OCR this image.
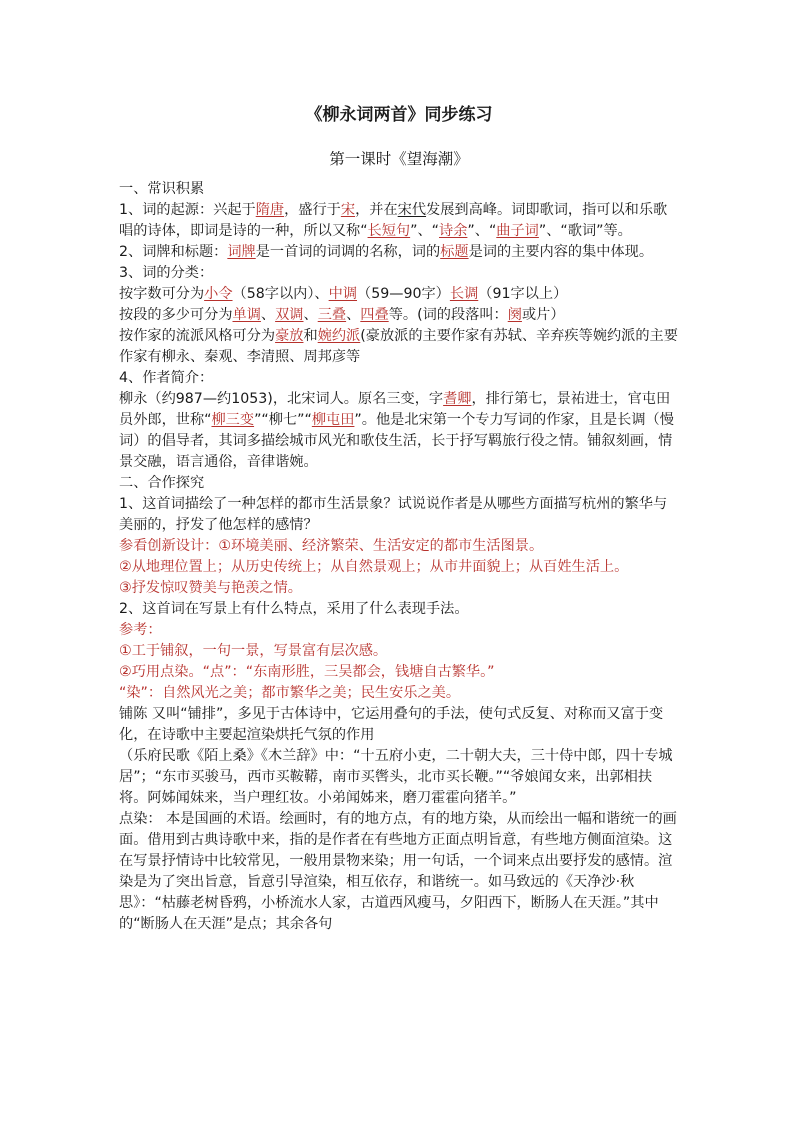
《柳永词两首》同步练习
第一课时《望海潮》

一、常识积累

1、词的起源：兴起于隋唐，盛行于宋，并在宋代发展到高峰。词即歌词，指可以和乐歌唱的诗体，即词是诗的一种，所以又称“长短句”、“诗余”、“曲子词”、“歌词”等。

2、词牌和标题：词牌是一首词的词调的名称，词的标题是词的主要内容的集中体现。

3、词的分类：

按字数可分为小令（58字以内）、中调（59—90字）长调（91字以上）

按段的多少可分为单调、双调、三叠、四叠等。(词的段落叫：阕或片）

按作家的流派风格可分为豪放和婉约派(豪放派的主要作家有苏轼、辛弃疾等婉约派的主要作家有柳永、秦观、李清照、周邦彦等

4、作者简介：

柳永（约987—约1053)，北宋词人。原名三变，字耆卿，排行第七，景祐进士，官屯田员外郎，世称“柳三变”“柳七”“柳屯田”。他是北宋第一个专力写词的作家，且是长调（慢词）的倡导者，其词多描绘城市风光和歌伎生活，长于抒写羁旅行役之情。铺叙刻画，情景交融，语言通俗，音律谐婉。

二、合作探究

1、这首词描绘了一种怎样的都市生活景象？试说说作者是从哪些方面描写杭州的繁华与美丽的，抒发了他怎样的感情？

参看创新设计：①环境美丽、经济繁荣、生活安定的都市生活图景。

②从地理位置上；从历史传统上；从自然景观上；从市井面貌上；从百姓生活上。

③抒发惊叹赞美与艳羡之情。

2、这首词在写景上有什么特点，采用了什么表现手法。

参考：

①工于铺叙，一句一景，写景富有层次感。

②巧用点染。“点”：“东南形胜，三吴都会，钱塘自古繁华。”

“染”：自然风光之美；都市繁华之美；民生安乐之美。

铺陈 又叫“铺排”，多见于古体诗中，它运用叠句的手法，使句式反复、对称而又富于变化，在诗歌中主要起渲染烘托气氛的作用

（乐府民歌《陌上桑》《木兰辞》中：“十五府小吏，二十朝大夫，三十侍中郎，四十专城居”；“东市买骏马，西市买鞍鞯，南市买辔头，北市买长鞭。”“爷娘闻女来，出郭相扶将。阿姊闻妹来，当户理红妆。小弟闻姊来，磨刀霍霍向猪羊。”

点染： 本是国画的术语。绘画时，有的地方点，有的地方染，从而绘出一幅和谐统一的画面。借用到古典诗歌中来，指的是作者在有些地方正面点明旨意，有些地方侧面渲染。这在写景抒情诗中比较常见，一般用景物来染；用一句话，一个词来点出要抒发的感情。渲染是为了突出旨意，旨意引导渲染，相互依存，和谐统一。如马致远的《天净沙·秋思》：“枯藤老树昏鸦，小桥流水人家，古道西风瘦马，夕阳西下，断肠人在天涯。”其中的“断肠人在天涯”是点；其余各句
